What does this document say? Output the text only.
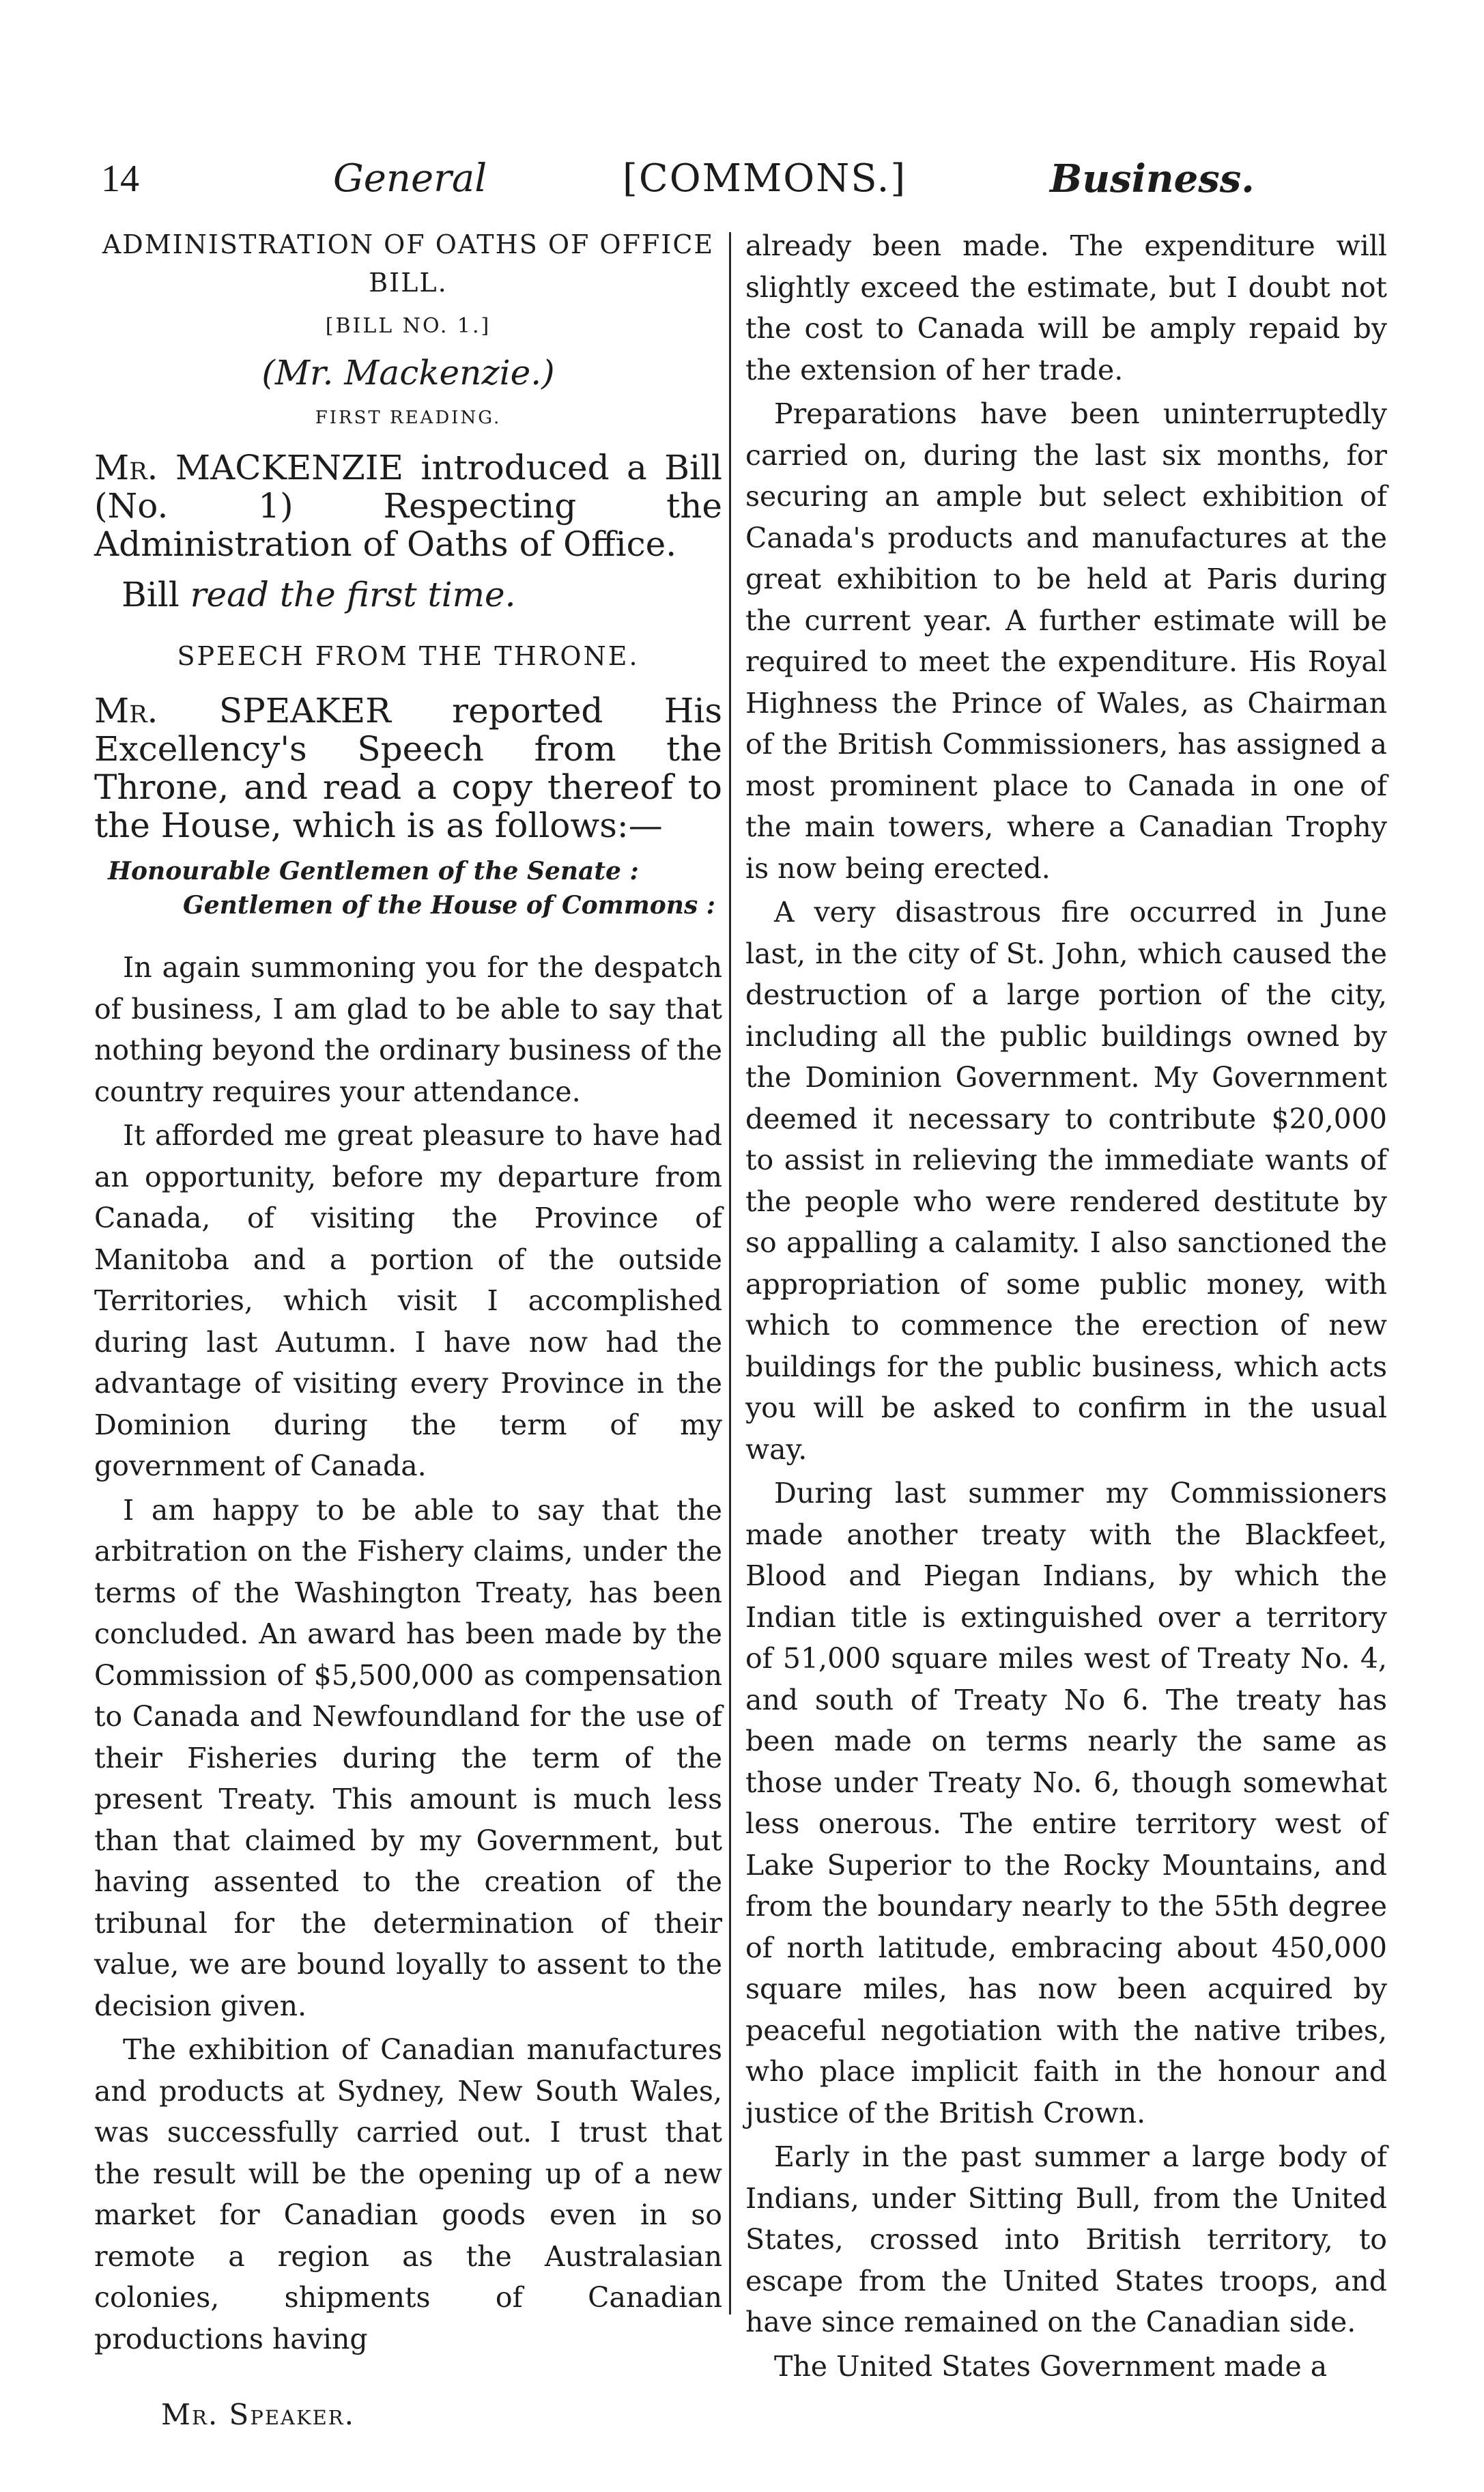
14	General	[COMMONS.]	Business.
ADMINISTRATION OF OATHS OF OFFICE BILL.
[BILL NO. 1.]
(Mr. Mackenzie.)
FIRST READING.

Mr. MACKENZIE introduced a Bill (No. 1) Respecting the Administration of Oaths of Office.

Bill read the first time.

SPEECH FROM THE THRONE.

Mr. SPEAKER reported His Excellency's Speech from the Throne, and read a copy thereof to the House, which is as follows:—

Honourable Gentlemen of the Senate :
Gentlemen of the House of Commons :

In again summoning you for the despatch of business, I am glad to be able to say that nothing beyond the ordinary business of the country requires your attendance.

It afforded me great pleasure to have had an opportunity, before my departure from Canada, of visiting the Province of Manitoba and a portion of the outside Territories, which visit I accomplished during last Autumn. I have now had the advantage of visiting every Province in the Dominion during the term of my government of Canada.

I am happy to be able to say that the arbitration on the Fishery claims, under the terms of the Washington Treaty, has been concluded. An award has been made by the Commission of $5,500,000 as compensation to Canada and Newfoundland for the use of their Fisheries during the term of the present Treaty. This amount is much less than that claimed by my Government, but having assented to the creation of the tribunal for the determination of their value, we are bound loyally to assent to the decision given.

The exhibition of Canadian manufactures and products at Sydney, New South Wales, was successfully carried out. I trust that the result will be the opening up of a new market for Canadian goods even in so remote a region as the Australasian colonies, shipments of Canadian productions having

already been made. The expenditure will slightly exceed the estimate, but I doubt not the cost to Canada will be amply repaid by the extension of her trade.

Preparations have been uninterruptedly carried on, during the last six months, for securing an ample but select exhibition of Canada's products and manufactures at the great exhibition to be held at Paris during the current year. A further estimate will be required to meet the expenditure. His Royal Highness the Prince of Wales, as Chairman of the British Commissioners, has assigned a most prominent place to Canada in one of the main towers, where a Canadian Trophy is now being erected.

A very disastrous fire occurred in June last, in the city of St. John, which caused the destruction of a large portion of the city, including all the public buildings owned by the Dominion Government. My Government deemed it necessary to contribute $20,000 to assist in relieving the immediate wants of the people who were rendered destitute by so appalling a calamity. I also sanctioned the appropriation of some public money, with which to commence the erection of new buildings for the public business, which acts you will be asked to confirm in the usual way.

During last summer my Commissioners made another treaty with the Blackfeet, Blood and Piegan Indians, by which the Indian title is extinguished over a territory of 51,000 square miles west of Treaty No. 4, and south of Treaty No 6. The treaty has been made on terms nearly the same as those under Treaty No. 6, though somewhat less onerous. The entire territory west of Lake Superior to the Rocky Mountains, and from the boundary nearly to the 55th degree of north latitude, embracing about 450,000 square miles, has now been acquired by peaceful negotiation with the native tribes, who place implicit faith in the honour and justice of the British Crown.

Early in the past summer a large body of Indians, under Sitting Bull, from the United States, crossed into British territory, to escape from the United States troops, and have since remained on the Canadian side.

The United States Government made a

Mr. Speaker.
